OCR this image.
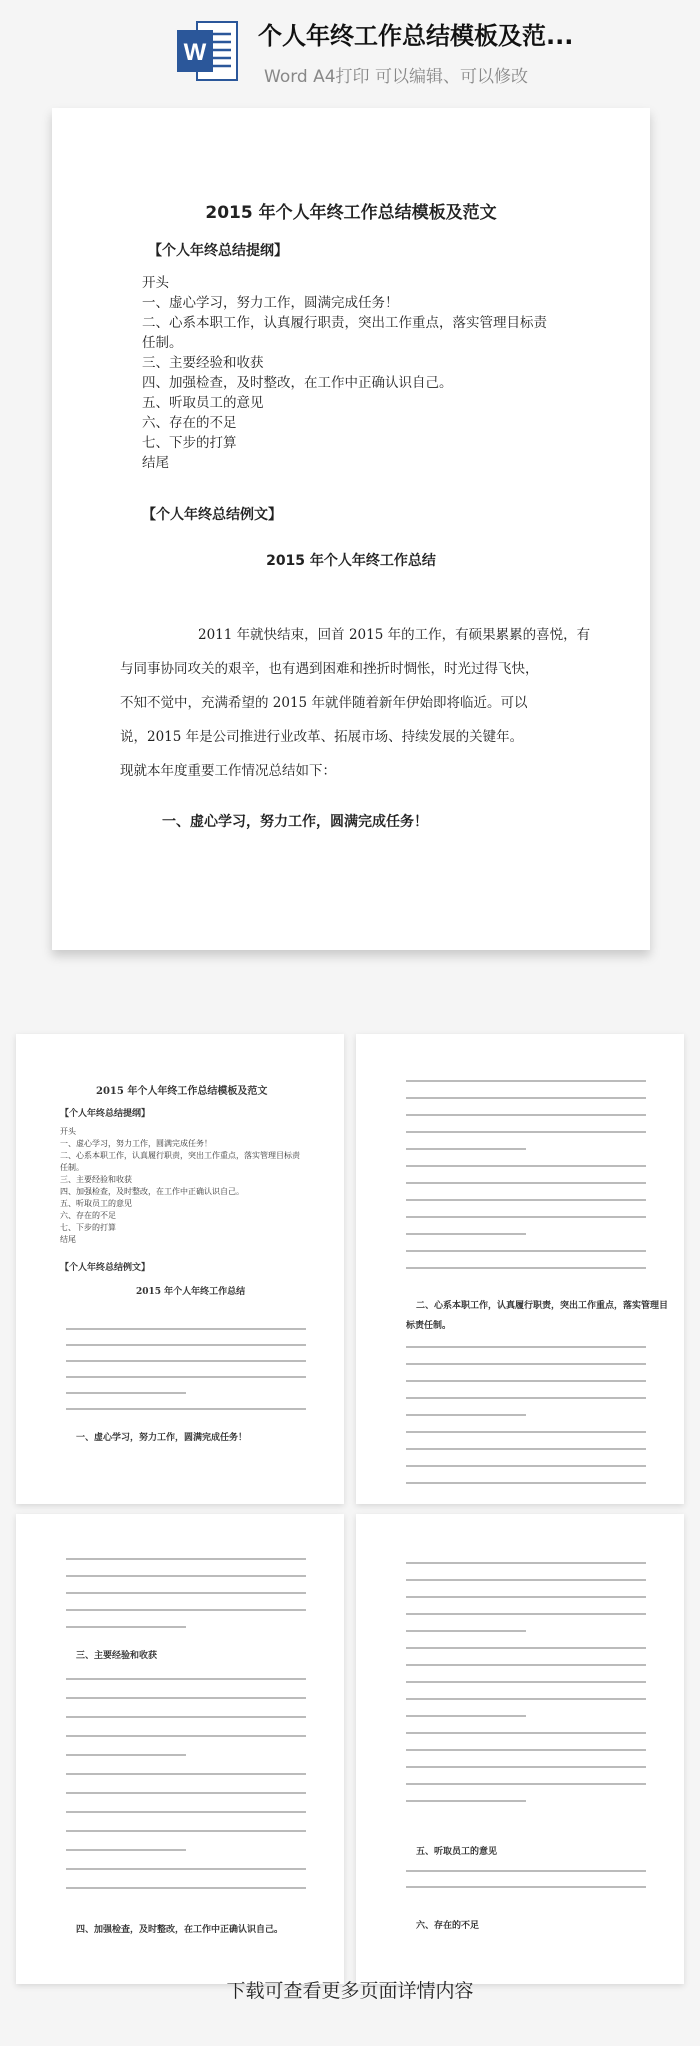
W
个人年终工作总结模板及范...
Word A4打印 可以编辑、可以修改
2015 年个人年终工作总结模板及范文
【个人年终总结提纲】
开头
一、虚心学习，努力工作，圆满完成任务！
二、心系本职工作，认真履行职责，突出工作重点，落实管理目标责
任制。
三、主要经验和收获
四、加强检查，及时整改，在工作中正确认识自己。
五、听取员工的意见
六、存在的不足
七、下步的打算
结尾
【个人年终总结例文】
2015 年个人年终工作总结
2011 年就快结束，回首 2015 年的工作，有硕果累累的喜悦，有
与同事协同攻关的艰辛，也有遇到困难和挫折时惆怅，时光过得飞快，
不知不觉中，充满希望的 2015 年就伴随着新年伊始即将临近。可以
说，2015 年是公司推进行业改革、拓展市场、持续发展的关键年。
现就本年度重要工作情况总结如下：
一、虚心学习，努力工作，圆满完成任务！
2015 年个人年终工作总结模板及范文
【个人年终总结提纲】
开头
一、虚心学习，努力工作，圆满完成任务！
二、心系本职工作，认真履行职责，突出工作重点，落实管理目标责
任制。
三、主要经验和收获
四、加强检查，及时整改，在工作中正确认识自己。
五、听取员工的意见
六、存在的不足
七、下步的打算
结尾
【个人年终总结例文】
2015 年个人年终工作总结
一、虚心学习，努力工作，圆满完成任务！
二、心系本职工作，认真履行职责，突出工作重点，落实管理目
标责任制。
三、主要经验和收获
四、加强检查，及时整改，在工作中正确认识自己。
五、听取员工的意见
六、存在的不足
下载可查看更多页面详情内容
